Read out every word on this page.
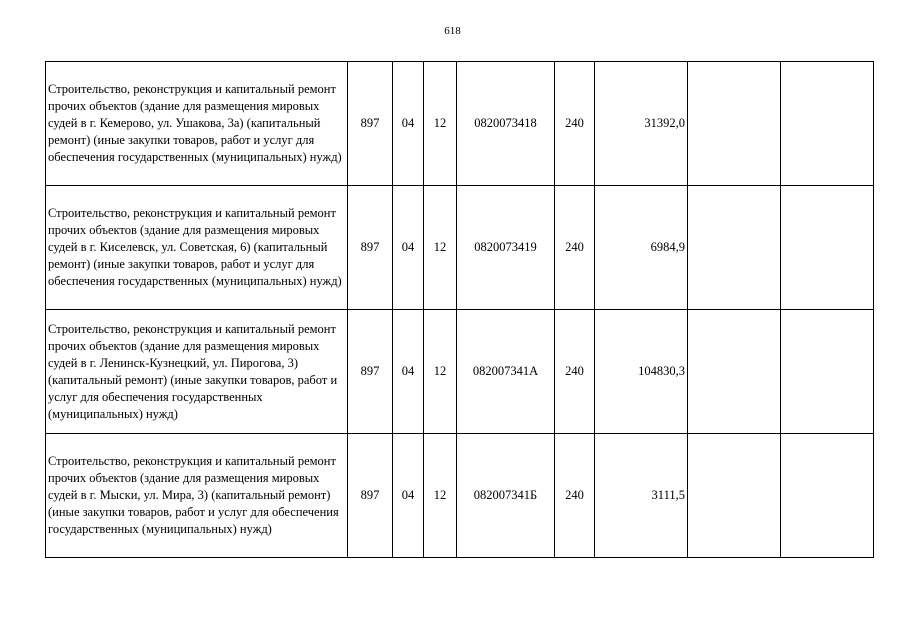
618
Строительство, реконструкция и капитальный ремонт прочих объектов (здание для размещения мировых судей в г. Кемерово, ул. Ушакова, 3а) (капитальный ремонт) (иные закупки товаров, работ и услуг для обеспечения государственных (муниципальных) нужд)	897	04	12	0820073418	240	31392,0		
Строительство, реконструкция и капитальный ремонт прочих объектов (здание для размещения мировых судей в г. Киселевск, ул. Советская, 6) (капитальный ремонт) (иные закупки товаров, работ и услуг для обеспечения государственных (муниципальных) нужд)	897	04	12	0820073419	240	6984,9		
Строительство, реконструкция и капитальный ремонт прочих объектов (здание для размещения мировых судей в г. Ленинск-Кузнецкий, ул. Пирогова, 3) (капитальный ремонт) (иные закупки товаров, работ и услуг для обеспечения государственных (муниципальных) нужд)	897	04	12	082007341А	240	104830,3		
Строительство, реконструкция и капитальный ремонт прочих объектов (здание для размещения мировых судей в г. Мыски, ул. Мира, 3) (капитальный ремонт) (иные закупки товаров, работ и услуг для обеспечения государственных (муниципальных) нужд)	897	04	12	082007341Б	240	3111,5		
